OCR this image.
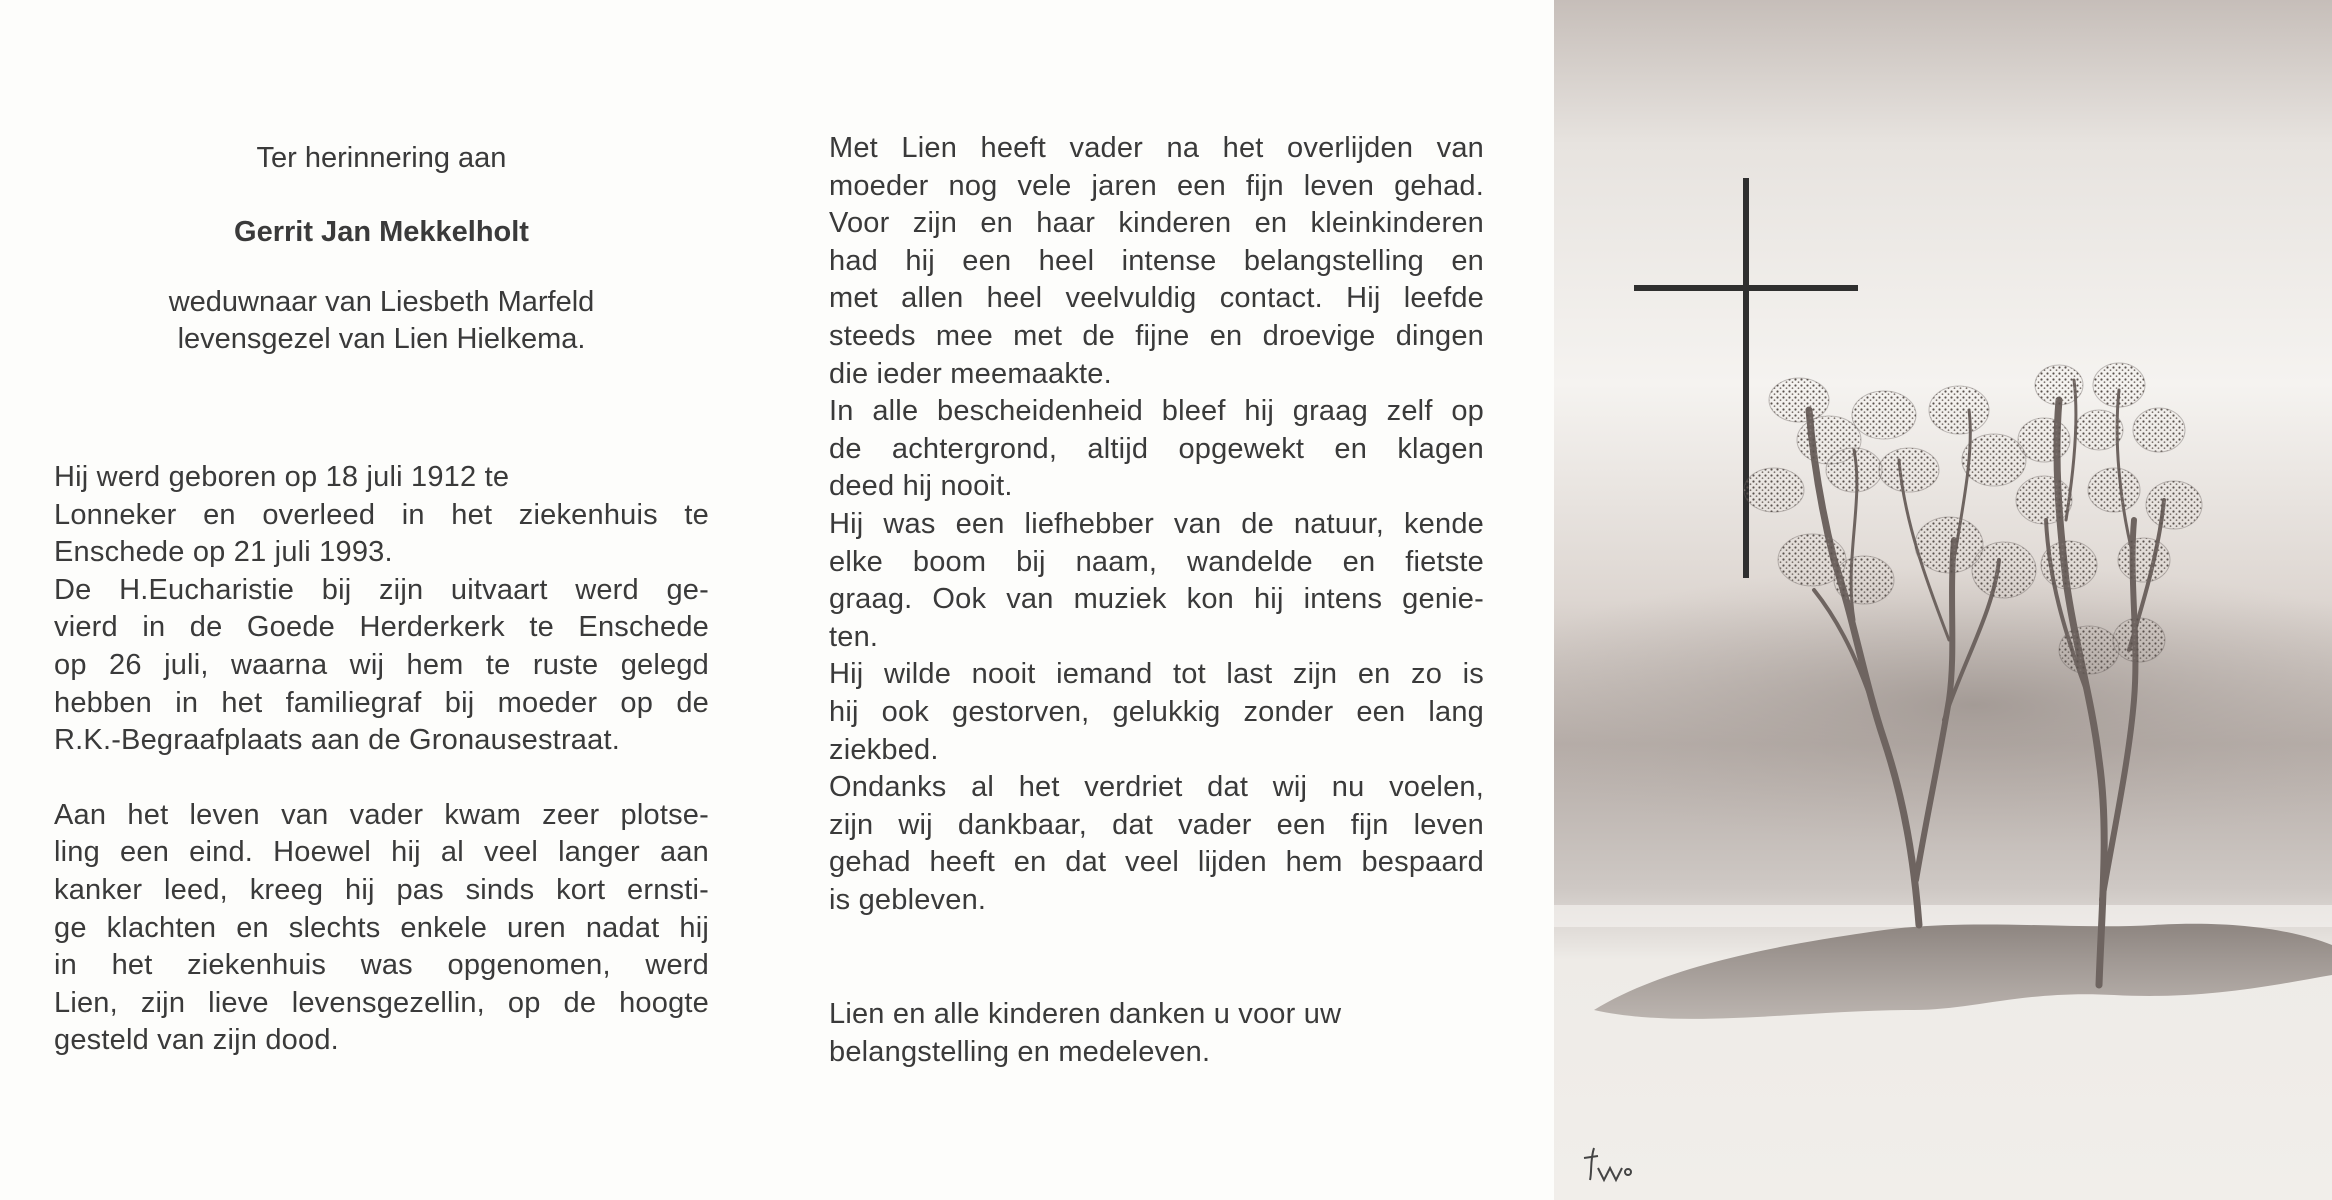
Ter herinnering aan
Gerrit Jan Mekkelholt
weduwnaar van Liesbeth Marfeld
levensgezel van Lien Hielkema.
Hij werd geboren op 18 juli 1912 te
Lonneker en overleed in het ziekenhuis te
Enschede op 21 juli 1993.
De H.Eucharistie bij zijn uitvaart werd ge-
vierd in de Goede Herderkerk te Enschede
op 26 juli, waarna wij hem te ruste gelegd
hebben in het familiegraf bij moeder op de
R.K.-Begraafplaats aan de Gronausestraat.
Aan het leven van vader kwam zeer plotse-
ling een eind. Hoewel hij al veel langer aan
kanker leed, kreeg hij pas sinds kort ernsti-
ge klachten en slechts enkele uren nadat hij
in het ziekenhuis was opgenomen, werd
Lien, zijn lieve levensgezellin, op de hoogte
gesteld van zijn dood.
Met Lien heeft vader na het overlijden van
moeder nog vele jaren een fijn leven gehad.
Voor zijn en haar kinderen en kleinkinderen
had hij een heel intense belangstelling en
met allen heel veelvuldig contact. Hij leefde
steeds mee met de fijne en droevige dingen
die ieder meemaakte.
In alle bescheidenheid bleef hij graag zelf op
de achtergrond, altijd opgewekt en klagen
deed hij nooit.
Hij was een liefhebber van de natuur, kende
elke boom bij naam, wandelde en fietste
graag. Ook van muziek kon hij intens genie-
ten.
Hij wilde nooit iemand tot last zijn en zo is
hij ook gestorven, gelukkig zonder een lang
ziekbed.
Ondanks al het verdriet dat wij nu voelen,
zijn wij dankbaar, dat vader een fijn leven
gehad heeft en dat veel lijden hem bespaard
is gebleven.
Lien en alle kinderen danken u voor uw
belangstelling en medeleven.
